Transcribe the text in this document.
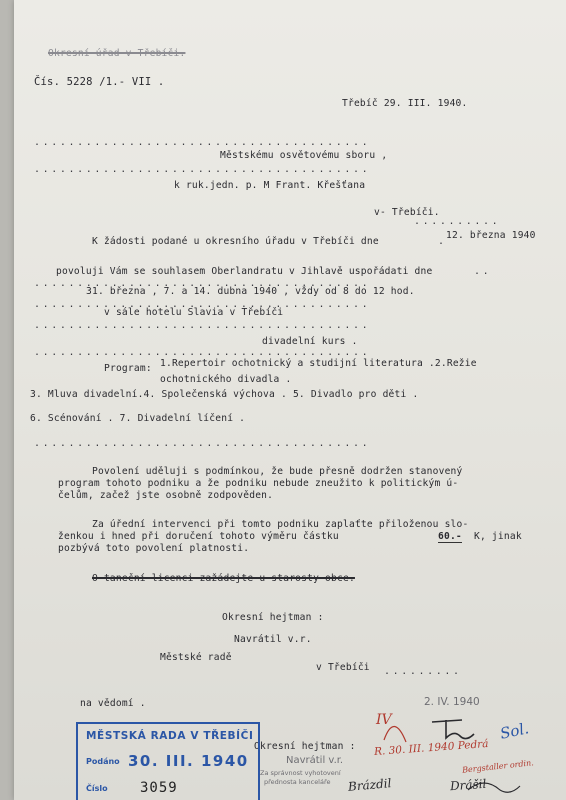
Okresní úřad v Třebíči.
Čís. 5228 /1.- VII .
Třebíč 29. III. 1940.
.......................................
Městskému osvětovému sboru ,
.......................................
k ruk.jedn. p. M Frant. Křešťana
v- Třebíči.
..........
K žádosti podané u okresního úřadu v Třebíči dne	.
12. března 1940
povoluji Vám se souhlasem Oberlandratu v Jihlavě uspořádati dne	..
.......................................
31. března , 7. a 14. dubna 1940 , vždy od 8 do 12 hod.
.......................................
v sále hotelu Slavia v Třebíči
.......................................
divadelní kurs .
.......................................
Program: 1.Repertoir ochotnický a studijní literatura .2.Režie
ochotnického divadla .
3. Mluva divadelní.4. Společenská výchova . 5. Divadlo pro děti .
6. Scénování . 7. Divadelní líčení .
.......................................
Povolení uděluji s podmínkou, že bude přesně dodržen stanovený
program tohoto podniku a že podniku nebude zneužito k politickým ú-
čelům, začež jste osobně zodpověden.
Za úřední intervenci při tomto podniku zaplaťte přiloženou slo-
ženkou i hned při doručení tohoto výměru částku	60.- K, jinak
pozbývá toto povolení platnosti.
O taneční licenci zažádejte u starosty obce.
Okresní hejtman :
Navrátil v.r.
Městské radě
v Třebíči .........
na vědomí .	2. IV. 1940
Okresní hejtman :
Navrátil v.r.
Za správnost vyhotovení
přednosta kanceláře
IV	Sol.
R. 30. III. 1940 Pedrá
Bergstaller ordin.
Brázdil	Drášil
MĚSTSKÁ RADA V TŘEBÍČI
Podáno 30. III. 1940
Číslo 3059
